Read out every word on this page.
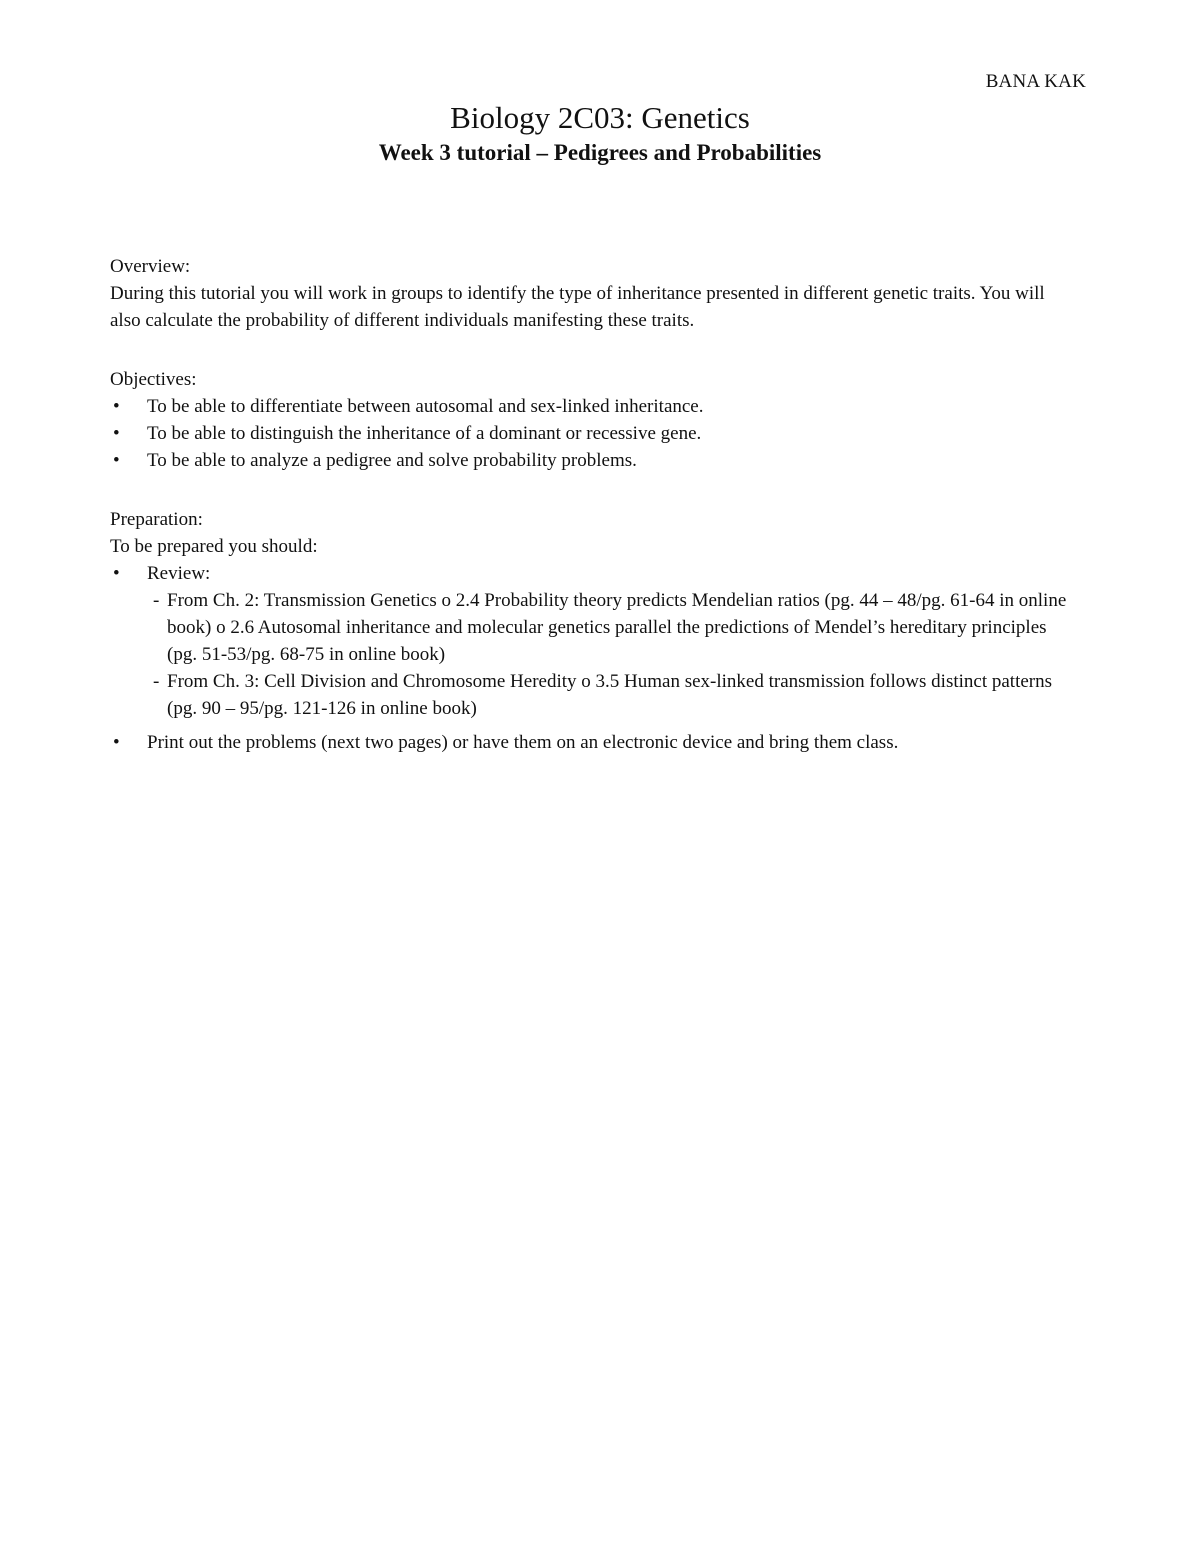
BANA KAK
Biology 2C03: Genetics
Week 3 tutorial – Pedigrees and Probabilities

Overview:

During this tutorial you will work in groups to identify the type of inheritance presented in different genetic traits. You will also calculate the probability of different individuals manifesting these traits.

Objectives:

• To be able to differentiate between autosomal and sex-linked inheritance.
• To be able to distinguish the inheritance of a dominant or recessive gene.
• To be able to analyze a pedigree and solve probability problems.

Preparation:

To be prepared you should:

• Review:
- From Ch. 2: Transmission Genetics o 2.4 Probability theory predicts Mendelian ratios (pg. 44 – 48/pg. 61-64 in online book) o 2.6 Autosomal inheritance and molecular genetics parallel the predictions of Mendel’s hereditary principles (pg. 51-53/pg. 68-75 in online book)
- From Ch. 3: Cell Division and Chromosome Heredity o 3.5 Human sex-linked transmission follows distinct patterns (pg. 90 – 95/pg. 121-126 in online book)
• Print out the problems (next two pages) or have them on an electronic device and bring them class.
